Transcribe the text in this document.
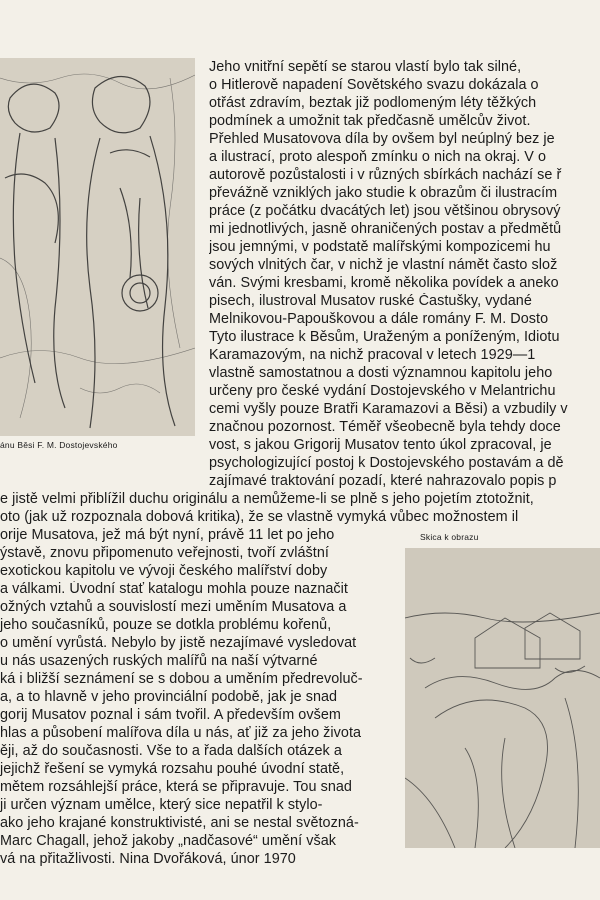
ánu Běsi F. M. Dostojevského
Skica k obrazu
Jeho vnitřní sepětí se starou vlastí bylo tak silné,
o Hitlerově napadení Sovětského svazu dokázala o
otřást zdravím, beztak již podlomeným léty těžkých
podmínek a umožnit tak předčasně umělcův život.
Přehled Musatovova díla by ovšem byl neúplný bez je
a ilustrací, proto alespoň zmínku o nich na okraj. V o
autorově pozůstalosti i v různých sbírkách nachází se ř
převážně vzniklých jako studie k obrazům či ilustracím
práce (z počátku dvacátých let) jsou většinou obrysový
mi jednotlivých, jasně ohraničených postav a předmětů
jsou jemnými, v podstatě malířskými kompozicemi hu
sových vlnitých čar, v nichž je vlastní námět často slož
ván. Svými kresbami, kromě několika povídek a aneko
pisech, ilustroval Musatov ruské Častušky, vydané
Melnikovou-Papouškovou a dále romány F. M. Dosto
Tyto ilustrace k Běsům, Uraženým a poníženým, Idiotu
Karamazovým, na nichž pracoval v letech 1929—1
vlastně samostatnou a dosti významnou kapitolu jeho
určeny pro české vydání Dostojevského v Melantrichu
cemi vyšly pouze Bratři Karamazovi a Běsi) a vzbudily v
značnou pozornost. Téměř všeobecně byla tehdy doce
vost, s jakou Grigorij Musatov tento úkol zpracoval, je
psychologizující postoj k Dostojevského postavám a dě
zajímavé traktování pozadí, které nahrazovalo popis p
e jistě velmi přiblížil duchu originálu a nemůžeme-li se plně s jeho pojetím ztotožnit,
oto (jak už rozpoznala dobová kritika), že se vlastně vymyká vůbec možnostem il
orije Musatova, jež má být nyní, právě 11 let po jeho
ýstavě, znovu připomenuto veřejnosti, tvoří zvláštní
exotickou kapitolu ve vývoji českého malířství doby
a válkami. Úvodní stať katalogu mohla pouze naznačit
ožných vztahů a souvislostí mezi uměním Musatova a
jeho současníků, pouze se dotkla problému kořenů,
o umění vyrůstá. Nebylo by jistě nezajímavé vysledovat
u nás usazených ruských malířů na naší výtvarné
ká i bližší seznámení se s dobou a uměním předrevoluč-
a, a to hlavně v jeho provinciální podobě, jak je snad
gorij Musatov poznal i sám tvořil. A především ovšem
hlas a působení malířova díla u nás, ať již za jeho života
ěji, až do současnosti. Vše to a řada dalších otázek a
jejichž řešení se vymyká rozsahu pouhé úvodní statě,
mětem rozsáhlejší práce, která se připravuje. Tou snad
ji určen význam umělce, který sice nepatřil k stylo-
ako jeho krajané konstruktivisté, ani se nestal světozná-
Marc Chagall, jehož jakoby „nadčasové“ umění však
vá na přitažlivosti. Nina Dvořáková, únor 1970
